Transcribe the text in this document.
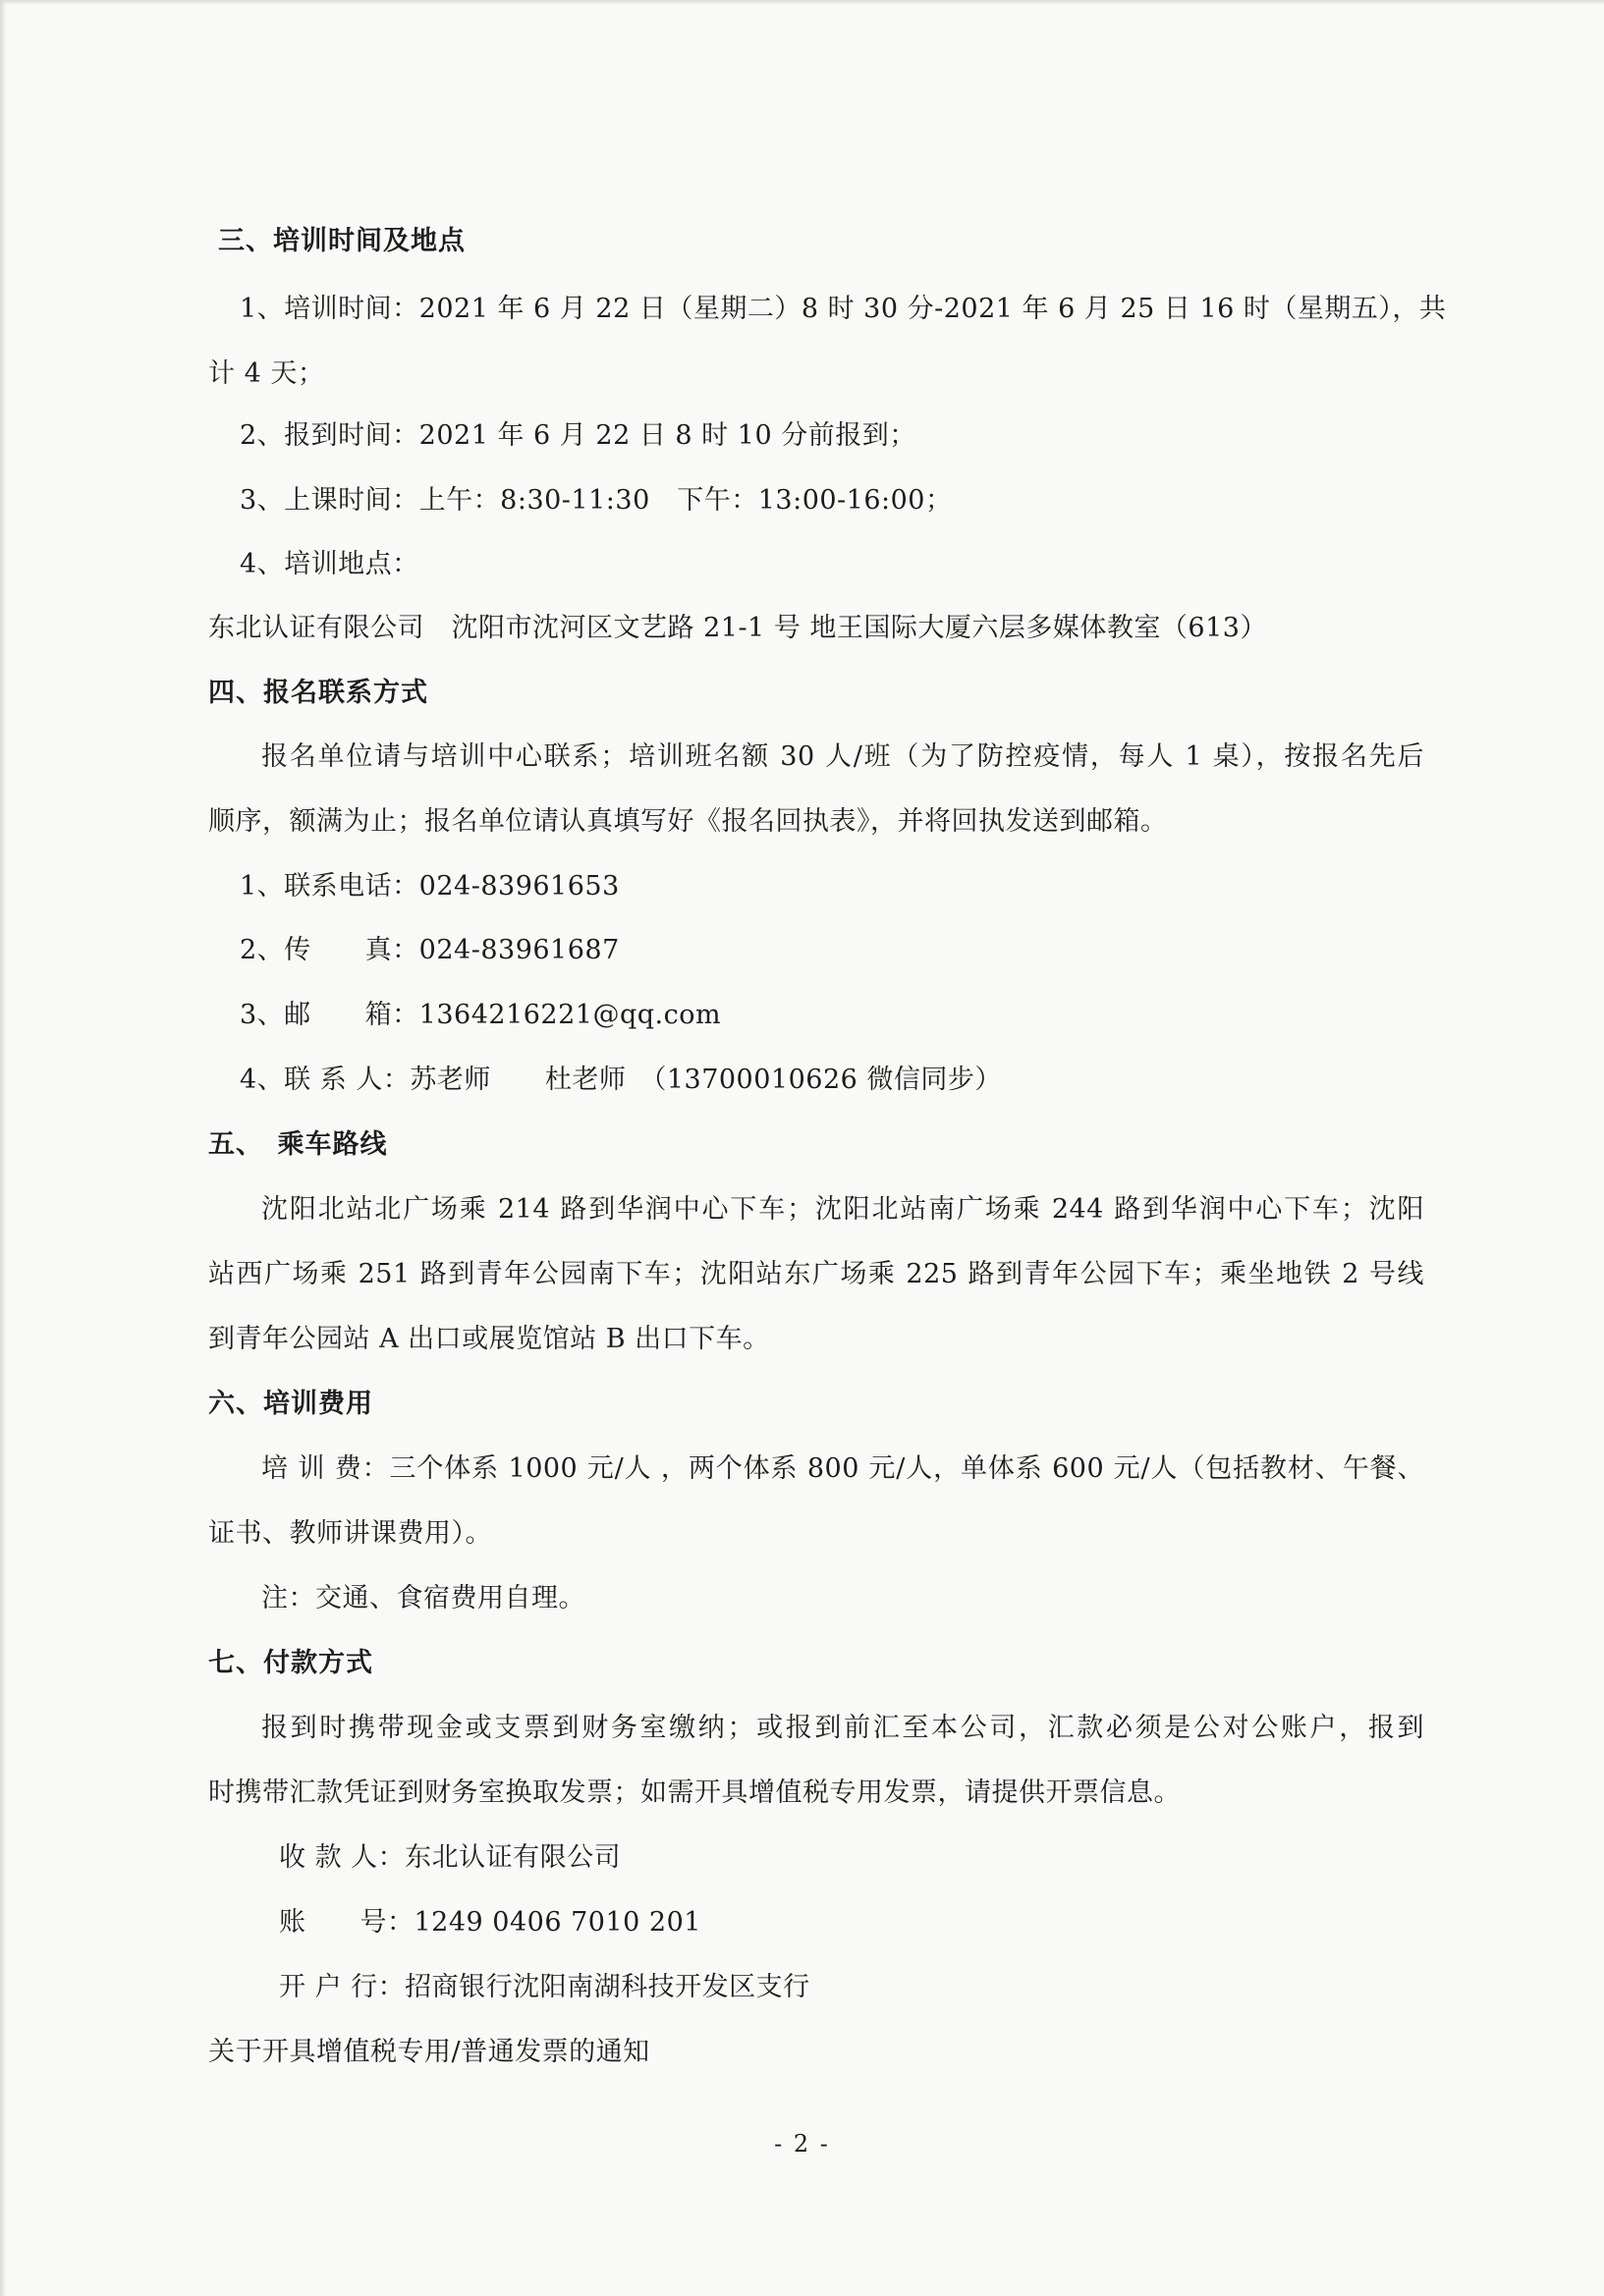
三、培训时间及地点
1、培训时间：2021 年 6 月 22 日（星期二）8 时 30 分-2021 年 6 月 25 日 16 时（星期五），共
计 4 天；
2、报到时间：2021 年 6 月 22 日 8 时 10 分前报到；
3、上课时间：上午：8:30-11:30　下午：13:00-16:00；
4、培训地点：
东北认证有限公司　沈阳市沈河区文艺路 21-1 号 地王国际大厦六层多媒体教室（613）
四、报名联系方式
报名单位请与培训中心联系；培训班名额 30 人/班（为了防控疫情，每人 1 桌），按报名先后
顺序，额满为止；报名单位请认真填写好《报名回执表》，并将回执发送到邮箱。
1、联系电话：024-83961653
2、传　　真：024-83961687
3、邮　　箱：1364216221@qq.com
4、联 系 人：苏老师　　杜老师　（13700010626 微信同步）
五、　乘车路线
沈阳北站北广场乘 214 路到华润中心下车；沈阳北站南广场乘 244 路到华润中心下车；沈阳
站西广场乘 251 路到青年公园南下车；沈阳站东广场乘 225 路到青年公园下车；乘坐地铁 2 号线
到青年公园站 A 出口或展览馆站 B 出口下车。
六、培训费用
培 训 费：三个体系 1000 元/人 ，两个体系 800 元/人，单体系 600 元/人（包括教材、午餐、
证书、教师讲课费用）。
注：交通、食宿费用自理。
七、付款方式
报到时携带现金或支票到财务室缴纳；或报到前汇至本公司，汇款必须是公对公账户，报到
时携带汇款凭证到财务室换取发票；如需开具增值税专用发票，请提供开票信息。
收 款 人：东北认证有限公司
账　　号：1249 0406 7010 201
开 户 行：招商银行沈阳南湖科技开发区支行
关于开具增值税专用/普通发票的通知
- 2 -
